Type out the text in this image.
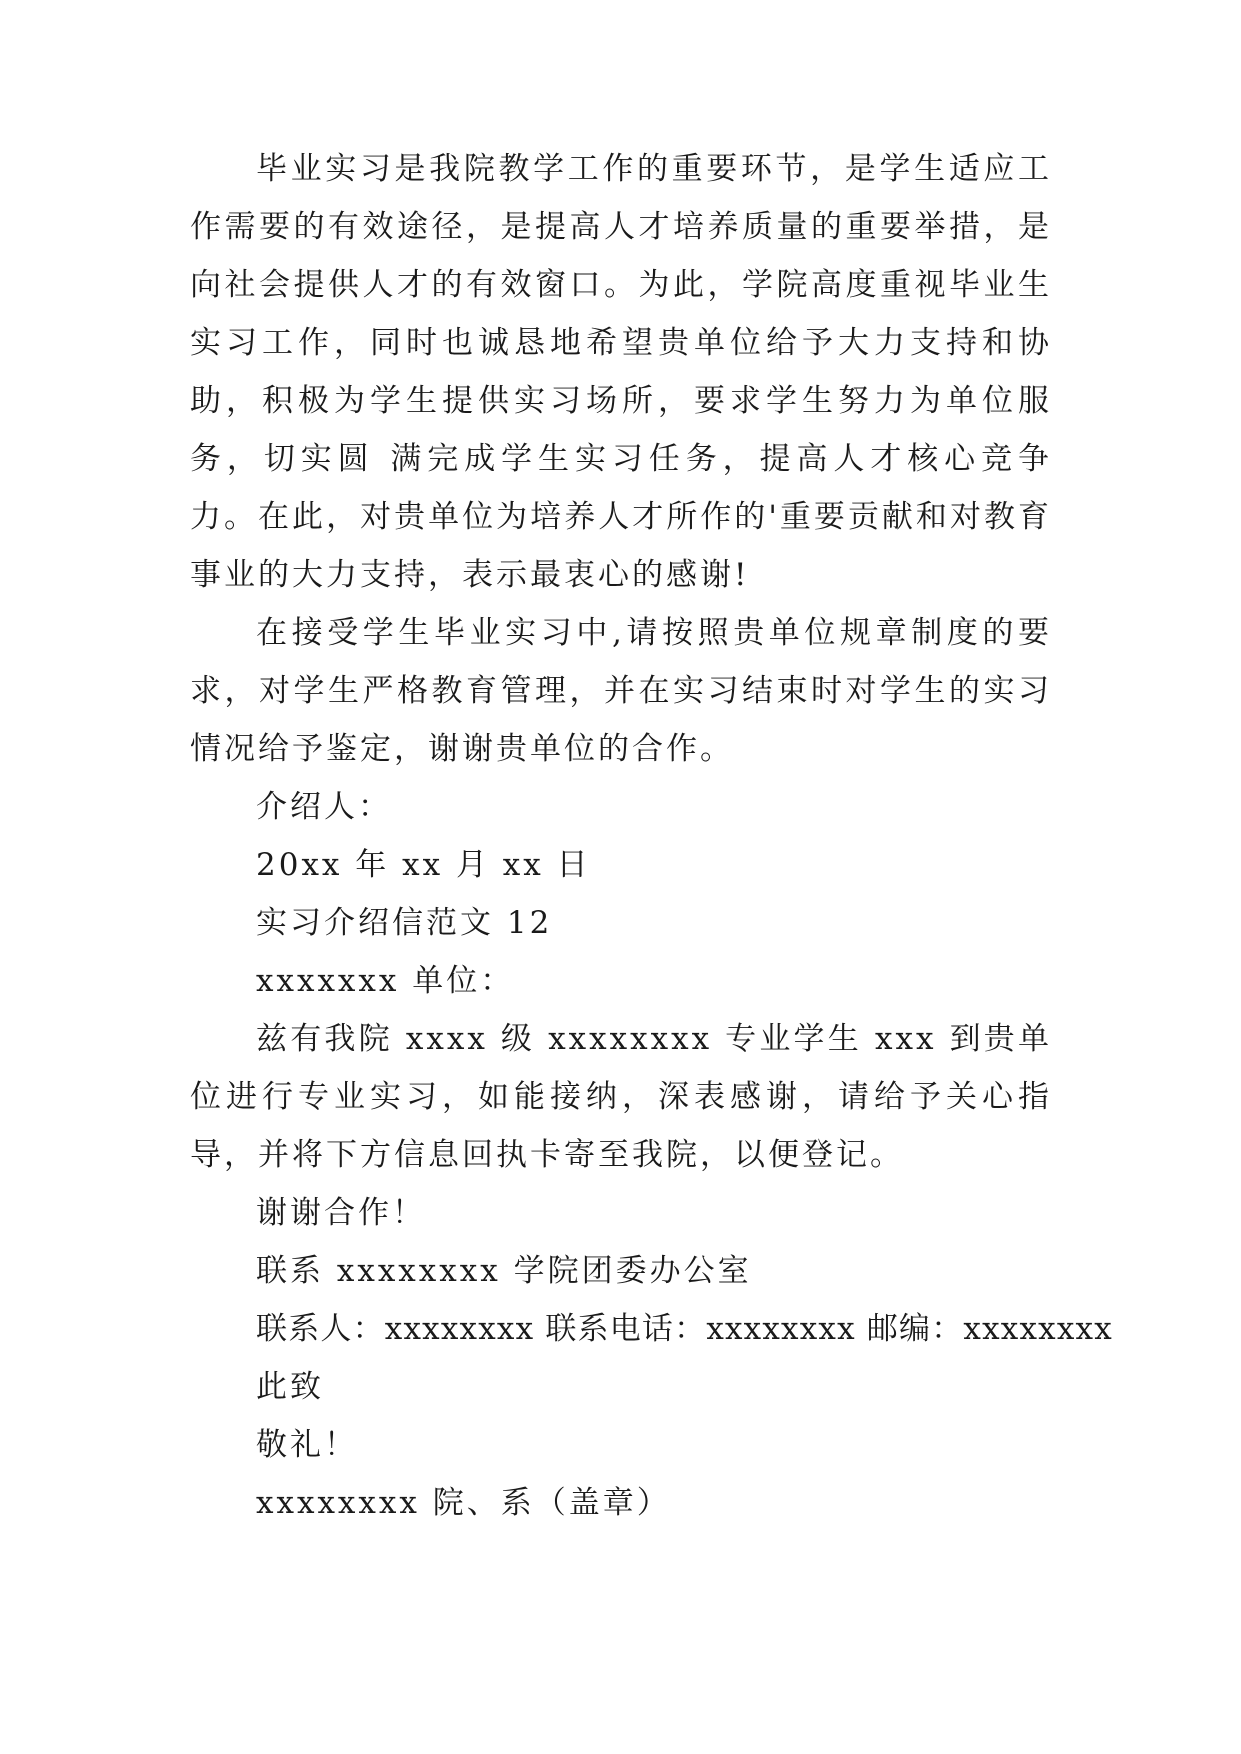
毕业实习是我院教学工作的重要环节，是学生适应工作需要的有效途径，是提高人才培养质量的重要举措，是向社会提供人才的有效窗口。为此，学院高度重视毕业生实习工作，同时也诚恳地希望贵单位给予大力支持和协助，积极为学生提供实习场所，要求学生努力为单位服务，切实圆 满完成学生实习任务，提高人才核心竞争力。在此，对贵单位为培养人才所作的'重要贡献和对教育事业的大力支持，表示最衷心的感谢!

在接受学生毕业实习中,请按照贵单位规章制度的要求，对学生严格教育管理，并在实习结束时对学生的实习情况给予鉴定，谢谢贵单位的合作。

介绍人：

20xx 年 xx 月 xx 日

实习介绍信范文 12

xxxxxxx 单位：

兹有我院 xxxx 级 xxxxxxxx 专业学生 xxx 到贵单位进行专业实习，如能接纳，深表感谢，请给予关心指导，并将下方信息回执卡寄至我院，以便登记。

谢谢合作！

联系 xxxxxxxx 学院团委办公室

联系人：xxxxxxxx 联系电话：xxxxxxxx 邮编：xxxxxxxx

此致

敬礼！

xxxxxxxx 院、系（盖章）
